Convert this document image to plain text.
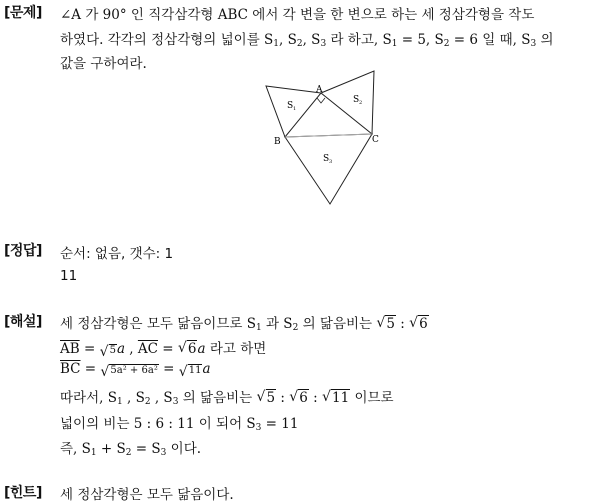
[문제] ∠A 가 90° 인 직각삼각형 ABC 에서 각 변을 한 변으로 하는 세 정삼각형을 작도
하였다. 각각의 정삼각형의 넓이를 $S_1$, $S_2$, $S_3$ 라 하고, $S_1 = 5$, $S_2 = 6$ 일 때, $S_3$ 의
값을 구하여라.
A
B	C
S 1
S 2
S 3
[정답] 순서: 없음, 갯수: 1
11
[해설] 세 정삼각형은 모두 닮음이므로 $S_1$ 과 $S_2$ 의 닮음비는 √ 5 : √ 6
$\overline{AB}$ = √ 5a , $\overline{AC}$ = √ 6a 라고 하면
$\overline{BC}$ = √ 5a² + 6a² = √ 11a
따라서, $S_1$ , $S_2$ , $S_3$ 의 닮음비는 √ 5 : √ 6 : √ 11 이므로
넓이의 비는 5 : 6 : 11 이 되어 $S_3 = 11$
즉, $S_1 + S_2 = S_3$ 이다.
[힌트] 세 정삼각형은 모두 닮음이다.
